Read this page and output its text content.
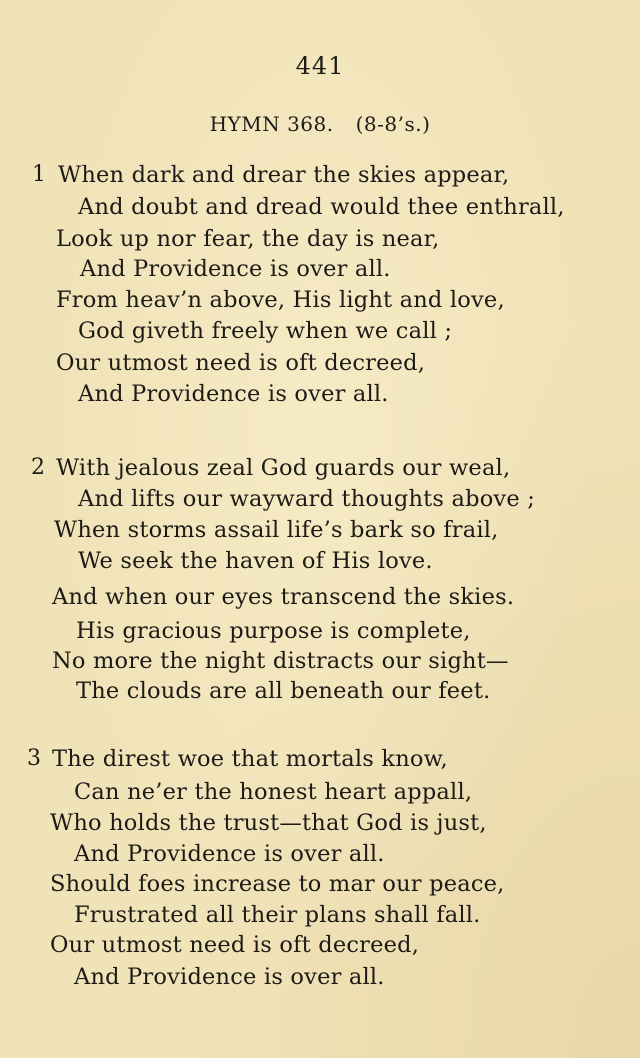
441
HYMN 368. (8-8’s.)
1 When dark and drear the skies appear,
And doubt and dread would thee enthrall,
Look up nor fear, the day is near,
And Providence is over all.
From heav’n above, His light and love,
God giveth freely when we call ;
Our utmost need is oft decreed,
And Providence is over all.
2 With jealous zeal God guards our weal,
And lifts our wayward thoughts above ;
When storms assail life’s bark so frail,
We seek the haven of His love.
And when our eyes transcend the skies.
His gracious purpose is complete,
No more the night distracts our sight—
The clouds are all beneath our feet.
3 The direst woe that mortals know,
Can ne’er the honest heart appall,
Who holds the trust—that God is just,
And Providence is over all.
Should foes increase to mar our peace,
Frustrated all their plans shall fall.
Our utmost need is oft decreed,
And Providence is over all.
